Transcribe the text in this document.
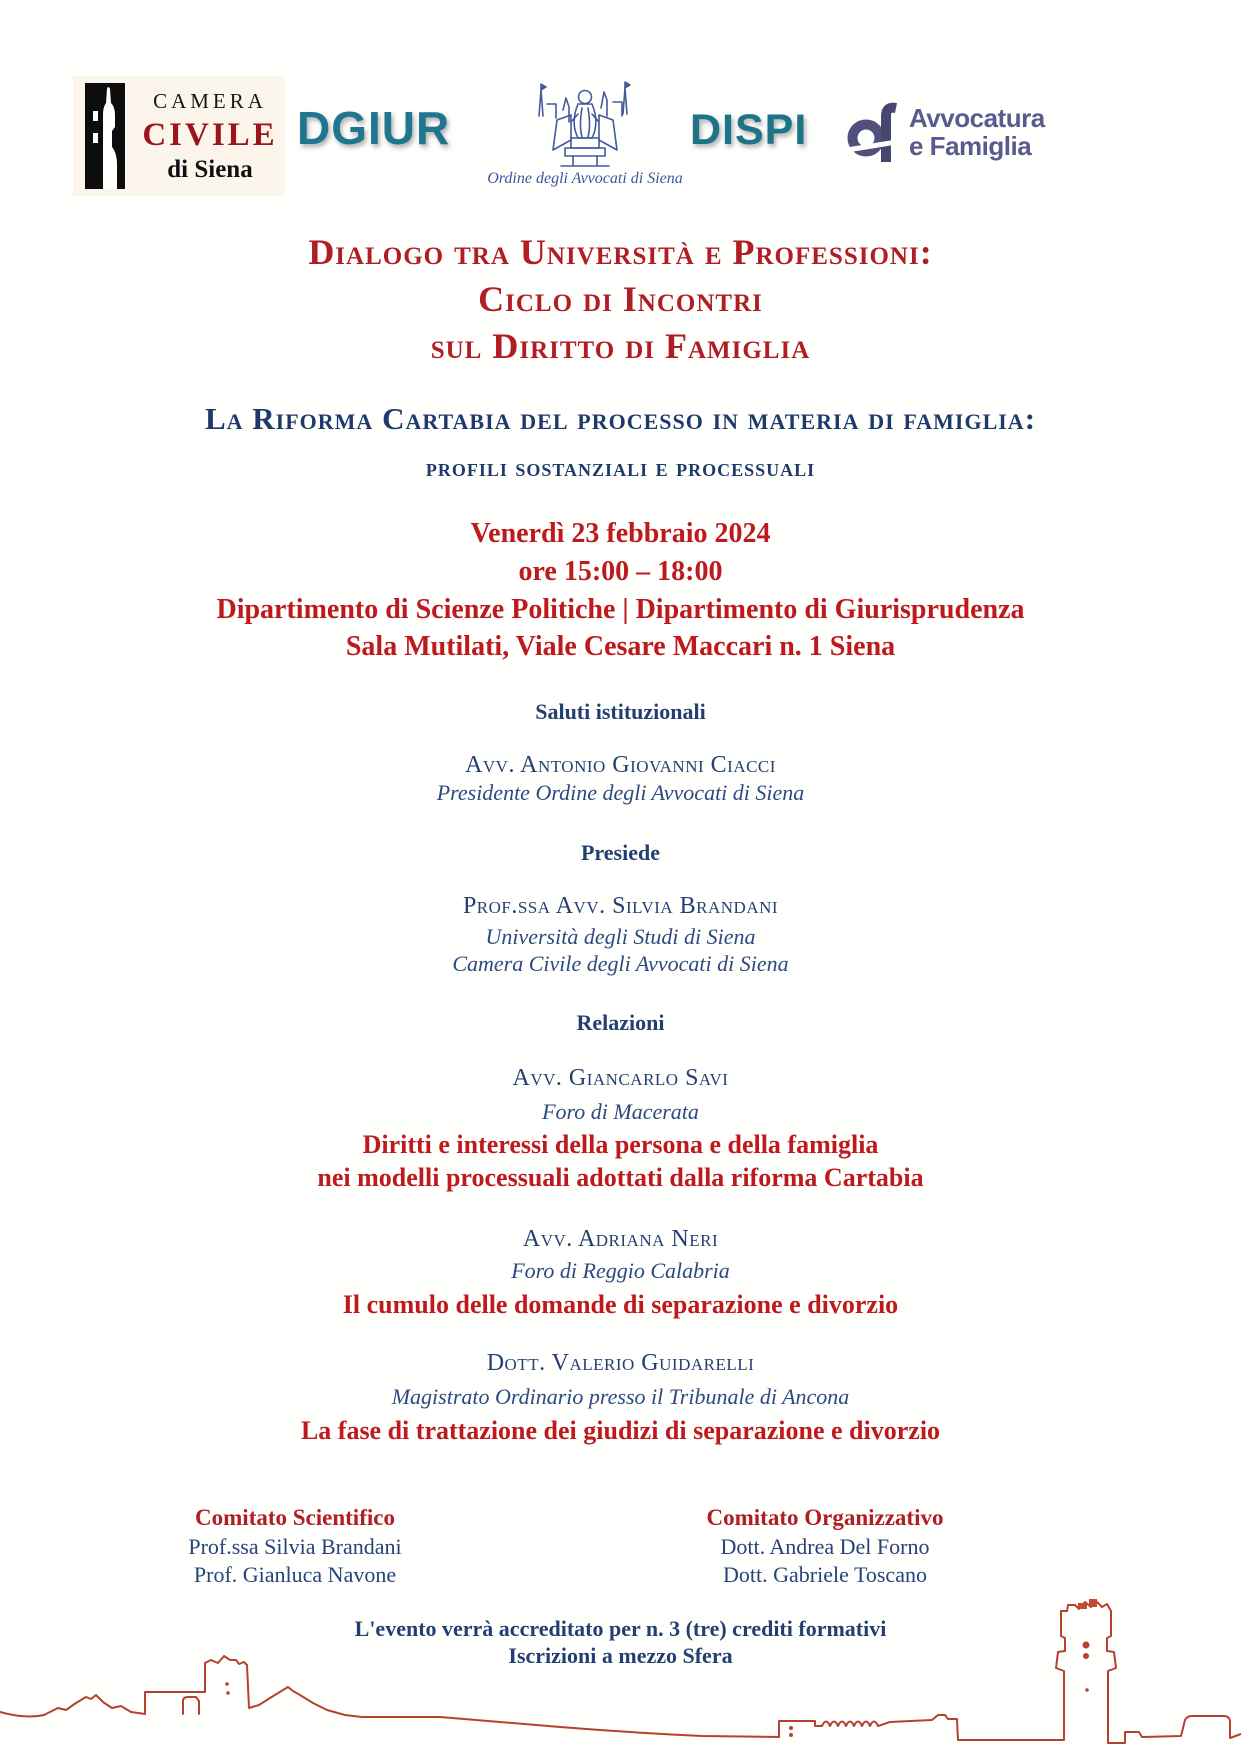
CAMERA
CIVILE
di Siena
DGIUR
Ordine degli Avvocati di Siena
DISPI	Avvocatura
e Famiglia
Dialogo tra Università e Professioni:
Ciclo di Incontri
sul Diritto di Famiglia
La Riforma Cartabia del processo in materia di famiglia:
profili sostanziali e processuali
Venerdì 23 febbraio 2024
ore 15:00 – 18:00
Dipartimento di Scienze Politiche | Dipartimento di Giurisprudenza
Sala Mutilati, Viale Cesare Maccari n. 1 Siena
Saluti istituzionali
Avv. Antonio Giovanni Ciacci
Presidente Ordine degli Avvocati di Siena
Presiede
Prof.ssa Avv. Silvia Brandani
Università degli Studi di Siena
Camera Civile degli Avvocati di Siena
Relazioni
Avv. Giancarlo Savi
Foro di Macerata
Diritti e interessi della persona e della famiglia
nei modelli processuali adottati dalla riforma Cartabia
Avv. Adriana Neri
Foro di Reggio Calabria
Il cumulo delle domande di separazione e divorzio
Dott. Valerio Guidarelli
Magistrato Ordinario presso il Tribunale di Ancona
La fase di trattazione dei giudizi di separazione e divorzio
Comitato Scientifico
Prof.ssa Silvia Brandani
Prof. Gianluca Navone
Comitato Organizzativo
Dott. Andrea Del Forno
Dott. Gabriele Toscano
L'evento verrà accreditato per n. 3 (tre) crediti formativi
Iscrizioni a mezzo Sfera
